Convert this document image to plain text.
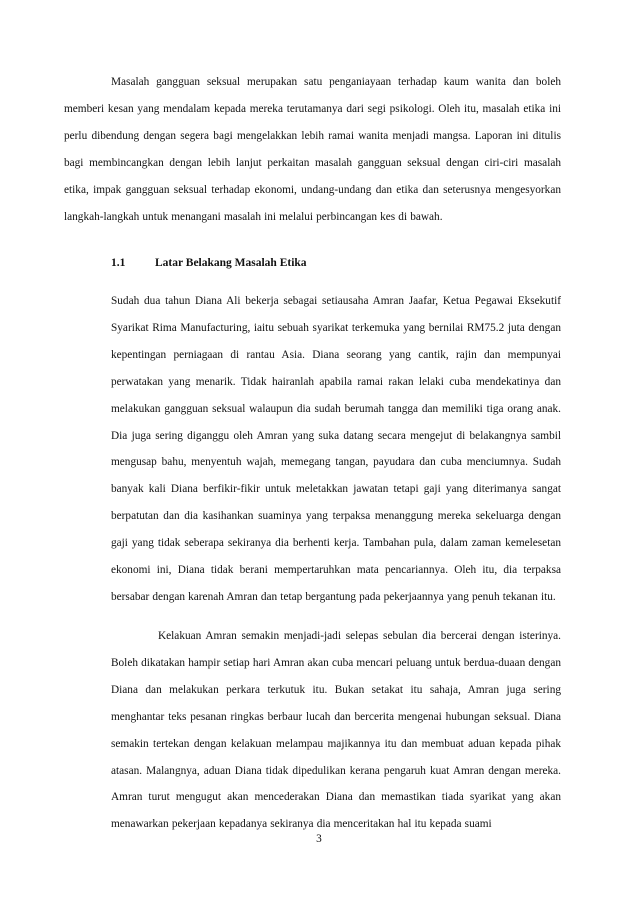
Masalah gangguan seksual merupakan satu penganiayaan terhadap kaum wanita dan boleh memberi kesan yang mendalam kepada mereka terutamanya dari segi psikologi. Oleh itu, masalah etika ini perlu dibendung dengan segera bagi mengelakkan lebih ramai wanita menjadi mangsa. Laporan ini ditulis bagi membincangkan dengan lebih lanjut perkaitan masalah gangguan seksual dengan ciri-ciri masalah etika, impak gangguan seksual terhadap ekonomi, undang-undang dan etika dan seterusnya mengesyorkan langkah-langkah untuk menangani masalah ini melalui perbincangan kes di bawah.

1.1	Latar Belakang Masalah Etika

Sudah dua tahun Diana Ali bekerja sebagai setiausaha Amran Jaafar, Ketua Pegawai Eksekutif Syarikat Rima Manufacturing, iaitu sebuah syarikat terkemuka yang bernilai RM75.2 juta dengan kepentingan perniagaan di rantau Asia. Diana seorang yang cantik, rajin dan mempunyai perwatakan yang menarik. Tidak hairanlah apabila ramai rakan lelaki cuba mendekatinya dan melakukan gangguan seksual walaupun dia sudah berumah tangga dan memiliki tiga orang anak. Dia juga sering diganggu oleh Amran yang suka datang secara mengejut di belakangnya sambil mengusap bahu, menyentuh wajah, memegang tangan, payudara dan cuba menciumnya. Sudah banyak kali Diana berfikir-fikir untuk meletakkan jawatan tetapi gaji yang diterimanya sangat berpatutan dan dia kasihankan suaminya yang terpaksa menanggung mereka sekeluarga dengan gaji yang tidak seberapa sekiranya dia berhenti kerja. Tambahan pula, dalam zaman kemelesetan ekonomi ini, Diana tidak berani mempertaruhkan mata pencariannya. Oleh itu, dia terpaksa bersabar dengan karenah Amran dan tetap bergantung pada pekerjaannya yang penuh tekanan itu.

Kelakuan Amran semakin menjadi-jadi selepas sebulan dia bercerai dengan isterinya. Boleh dikatakan hampir setiap hari Amran akan cuba mencari peluang untuk berdua-duaan dengan Diana dan melakukan perkara terkutuk itu. Bukan setakat itu sahaja, Amran juga sering menghantar teks pesanan ringkas berbaur lucah dan bercerita mengenai hubungan seksual. Diana semakin tertekan dengan kelakuan melampau majikannya itu dan membuat aduan kepada pihak atasan. Malangnya, aduan Diana tidak dipedulikan kerana pengaruh kuat Amran dengan mereka. Amran turut mengugut akan mencederakan Diana dan memastikan tiada syarikat yang akan menawarkan pekerjaan kepadanya sekiranya dia menceritakan hal itu kepada suami

3
